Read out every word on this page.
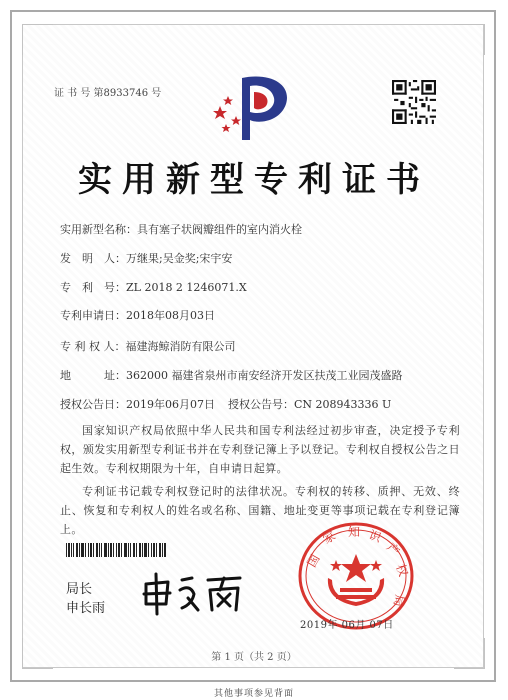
证 书 号 第8933746 号
实用新型专利证书
实用新型名称：具有塞子状阀瓣组件的室内消火栓
发　明　人：万继果;吴金奖;宋宇安
专　利　号：ZL 2018 2 1246071.X
专利申请日：2018年08月03日
专 利 权 人：福建海鲸消防有限公司
地　　　址：362000 福建省泉州市南安经济开发区扶茂工业园茂盛路
授权公告日：2019年06月07日 授权公告号：CN 208943336 U
国家知识产权局依照中华人民共和国专利法经过初步审查，决定授予专利权，颁发实用新型专利证书并在专利登记簿上予以登记。专利权自授权公告之日起生效。专利权期限为十年，自申请日起算。
专利证书记载专利权登记时的法律状况。专利权的转移、质押、无效、终止、恢复和专利权人的姓名或名称、国籍、地址变更等事项记载在专利登记簿上。
局长
申长雨
国
家 知 识
产
权
局
2019年 06月 07日
第 1 页（共 2 页）
其他事项参见背面
